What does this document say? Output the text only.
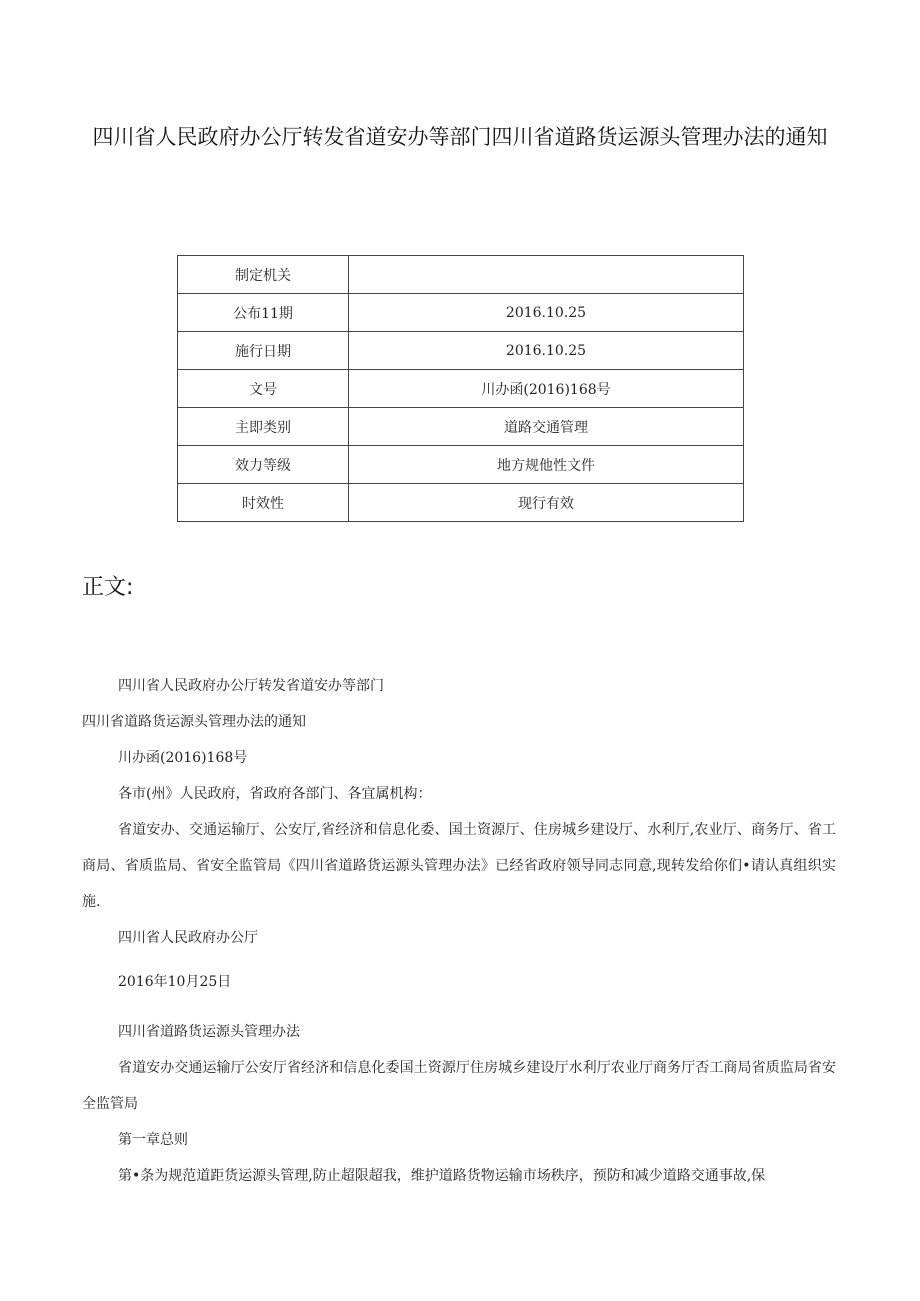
四川省人民政府办公厅转发省道安办等部门四川省道路货运源头管理办法的通知
制定机关	
公布11期	2016.10.25
施行日期	2016.10.25
文号	川办函(2016)168号
主即类别	道路交通管理
效力等级	地方规他性文件
时效性	现行有效
正文:

四川省人民政府办公厅转发省道安办等部门

四川省道路货运源头管理办法的通知

川办函(2016)168号

各市(州》人民政府，省政府各部门、各宜属机构：

省道安办、交通运输厅、公安厅,省经济和信息化委、国土资源厅、住房城乡建设厅、水利厅,农业厅、商务厅、省工商局、省质监局、省安全监管局《四川省道路货运源头管理办法》已经省政府领导同志同意,现转发给你们•请认真组织实施.

四川省人民政府办公厅

2016年10月25日

四川省道路货运源头管理办法

省道安办交通运输厅公安厅省经济和信息化委国土资源厅住房城乡建设厅水利厅农业厅商务厅否工商局省质监局省安全监管局

第一章总则

第•条为规范道距货运源头管理,防止超限超我，维护道路货物运输市场秩序，预防和减少道路交通事故,保
